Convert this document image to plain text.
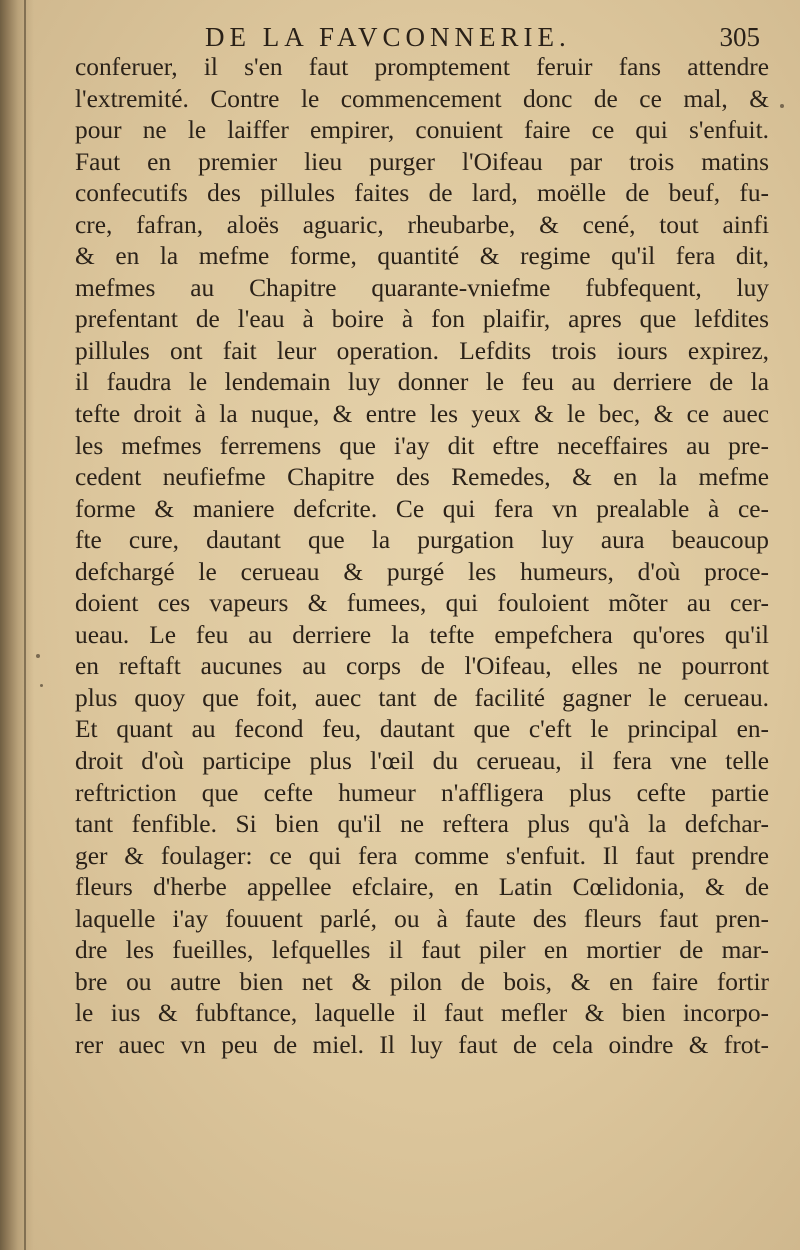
DE LA FAVCONNERIE.	305
conferuer, il s'en faut promptement feruir fans attendre
l'extremité. Contre le commencement donc de ce mal, &
pour ne le laiffer empirer, conuient faire ce qui s'enfuit.
Faut en premier lieu purger l'Oifeau par trois matins
confecutifs des pillules faites de lard, moëlle de beuf, fu-
cre, fafran, aloës aguaric, rheubarbe, & cené, tout ainfi
& en la mefme forme, quantité & regime qu'il fera dit,
mefmes au Chapitre quarante-vniefme fubfequent, luy
prefentant de l'eau à boire à fon plaifir, apres que lefdites
pillules ont fait leur operation. Lefdits trois iours expirez,
il faudra le lendemain luy donner le feu au derriere de la
tefte droit à la nuque, & entre les yeux & le bec, & ce auec
les mefmes ferremens que i'ay dit eftre neceffaires au pre-
cedent neufiefme Chapitre des Remedes, & en la mefme
forme & maniere defcrite. Ce qui fera vn prealable à ce-
fte cure, dautant que la purgation luy aura beaucoup
defchargé le cerueau & purgé les humeurs, d'où proce-
doient ces vapeurs & fumees, qui fouloient mõter au cer-
ueau. Le feu au derriere la tefte empefchera qu'ores qu'il
en reftaft aucunes au corps de l'Oifeau, elles ne pourront
plus quoy que foit, auec tant de facilité gagner le cerueau.
Et quant au fecond feu, dautant que c'eft le principal en-
droit d'où participe plus l'œil du cerueau, il fera vne telle
reftriction que cefte humeur n'affligera plus cefte partie
tant fenfible. Si bien qu'il ne reftera plus qu'à la defchar-
ger & foulager: ce qui fera comme s'enfuit. Il faut prendre
fleurs d'herbe appellee efclaire, en Latin Cœlidonia, & de
laquelle i'ay fouuent parlé, ou à faute des fleurs faut pren-
dre les fueilles, lefquelles il faut piler en mortier de mar-
bre ou autre bien net & pilon de bois, & en faire fortir
le ius & fubftance, laquelle il faut mefler & bien incorpo-
rer auec vn peu de miel. Il luy faut de cela oindre & frot-
